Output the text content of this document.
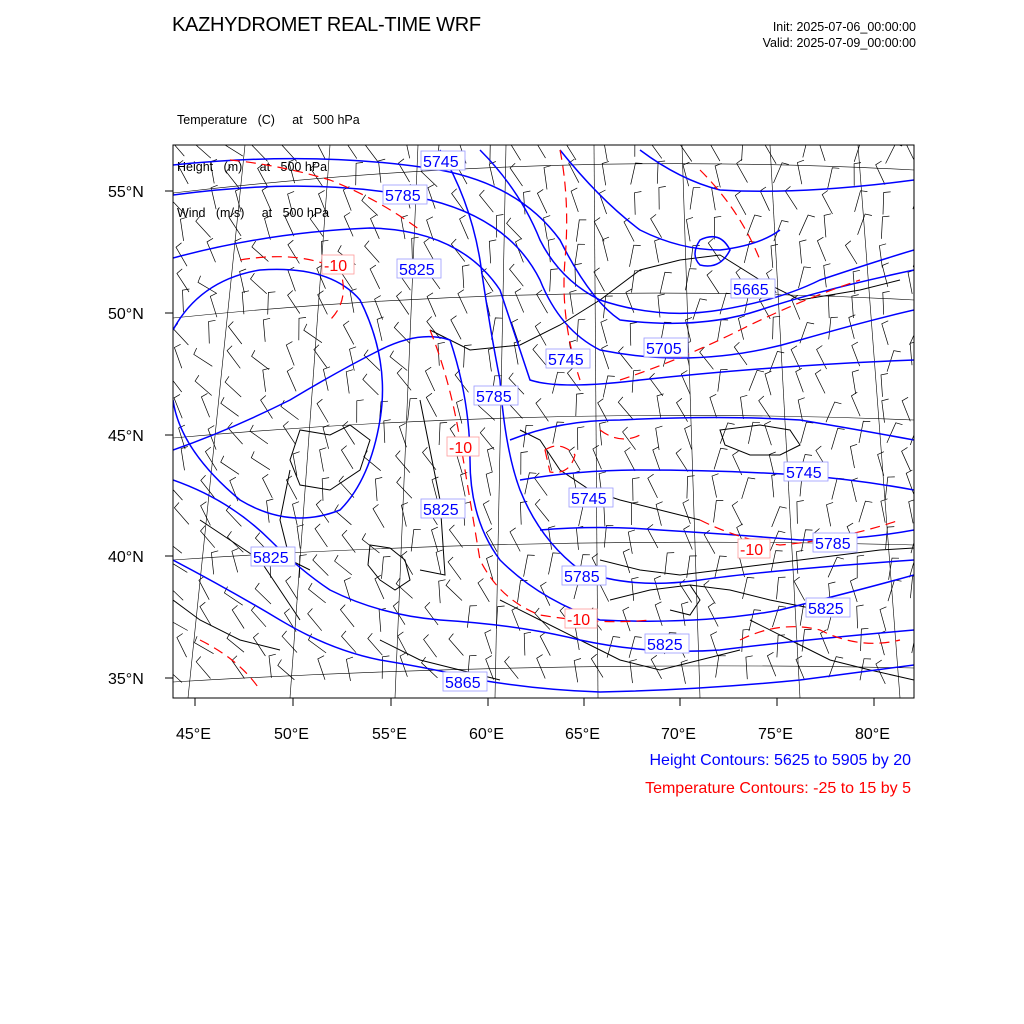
KAZHYDROMET REAL-TIME WRF	Init: 2025-07-06_00:00:00
Valid: 2025-07-09_00:00:00

Temperature   (C)     at   500 hPa

Height   (m)     at   500 hPa

Wind   (m/s)     at   500 hPa

5745
5785
5825
5665
5705
5745
5785
5745
5825
5825
5785
5745
5785
5825
5825
5865
-10
-10
-10
-10
55°N
50°N
45°N
40°N
35°N
45°E	50°E	55°E	60°E	65°E	70°E	75°E	80°E
Height Contours: 5625 to 5905 by 20
Temperature Contours: -25 to 15 by 5
